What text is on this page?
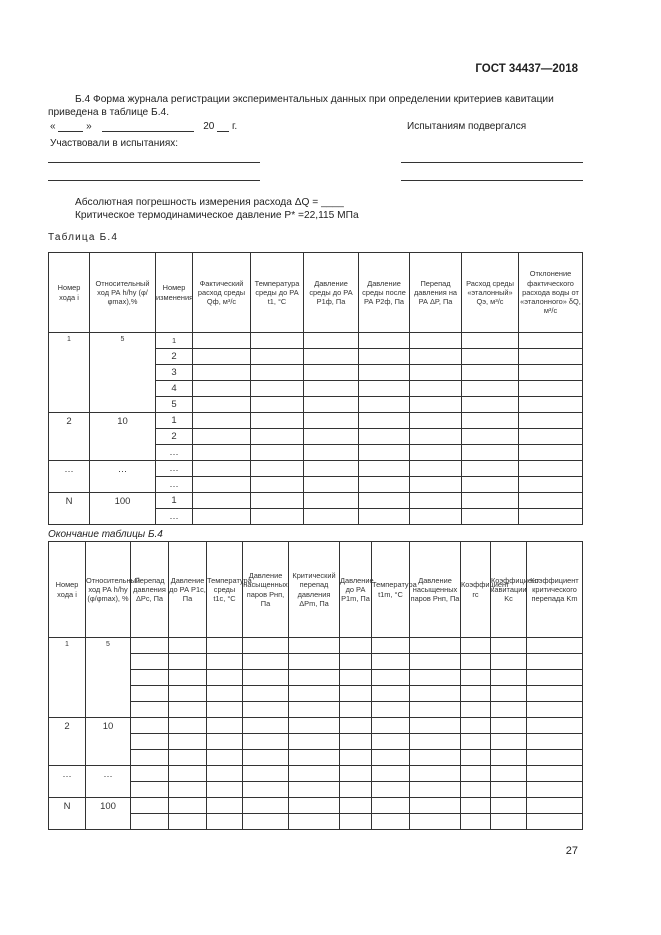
ГОСТ 34437—2018
Б.4 Форма журнала регистрации экспериментальных данных при определении критериев кавитации приведена в таблице Б.4.
«	»	20 г.	Испытаниям подвергался
Участвовали в испытаниях:
Абсолютная погрешность измерения расхода ΔQ = ____
Критическое термодинамическое давление P* =22,115 МПа
Таблица Б.4
Номер хода i	Относительный ход РА h/hy (φ/φmax),%	Номер изменения	Фактический расход среды Qф, м³/с	Температура среды до РА t1, °С	Давление среды до РА P1ф, Па	Давление среды после РА P2ф, Па	Перепад давления на РА ΔP, Па	Расход среды «эталонный» Qэ, м³/с	Отклонение фактического расхода воды от «эталонного» δQ, м³/с
1	5	1							
		2							
		3							
		4							
		5							
2	10	1							
		2							
		…							
…	…	…							
		…							
N	100	1							
		…							
Окончание таблицы Б.4
Номер хода i	Относительный ход РА h/hy (φ/φmax), %	Перепад давления ΔPc, Па	Давление до РА P1c, Па	Температура среды t1c, °С	Давление насыщенных паров Pнп, Па	Критический перепад давления ΔPm, Па	Давление до РА P1m, Па	Температура t1m, °С	Давление насыщенных паров Pнп, Па	Коэффициент rc	Коэффициент кавитации Kc	Коэффициент критического перепада Km
1	5											

2	10											

…	…											

N	100											

27
